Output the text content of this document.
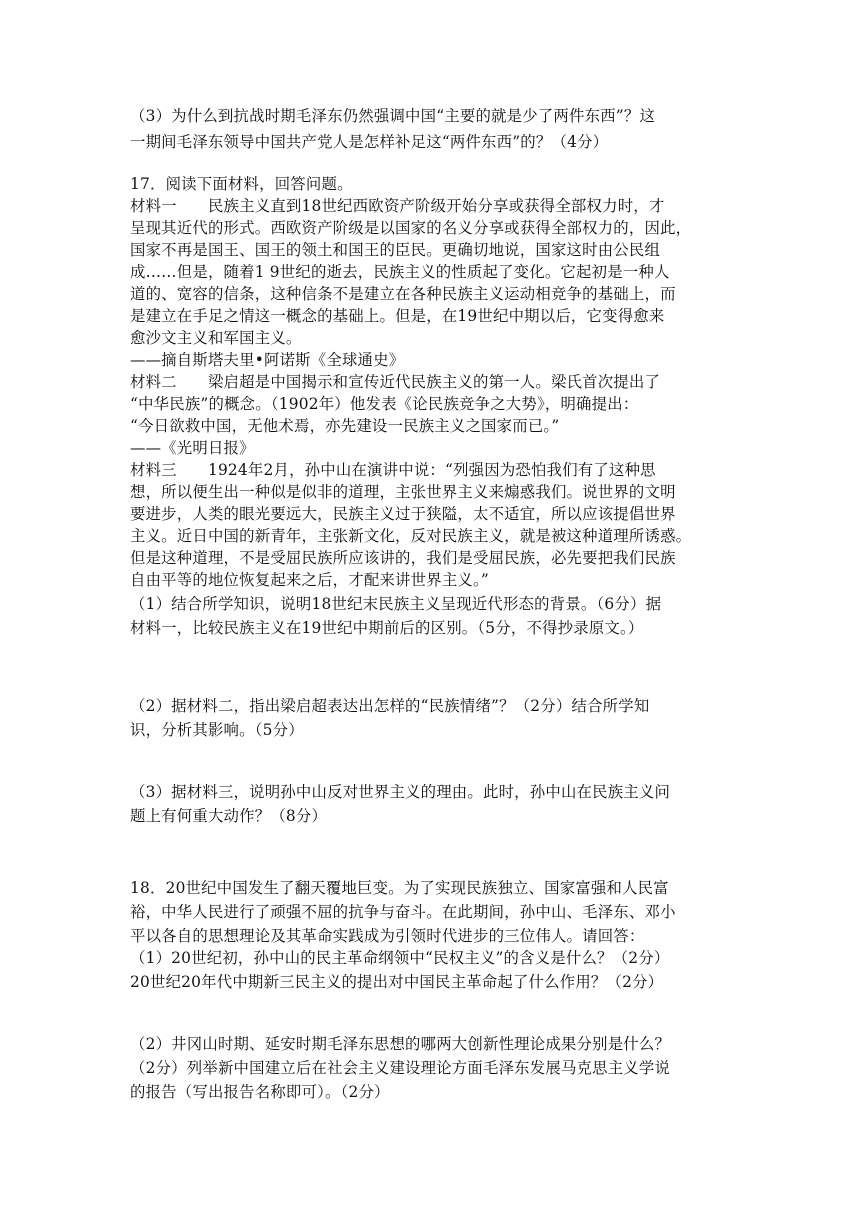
（3）为什么到抗战时期毛泽东仍然强调中国“主要的就是少了两件东西”？这
一期间毛泽东领导中国共产党人是怎样补足这“两件东西”的？（4分）
17．阅读下面材料，回答问题。
材料一　　民族主义直到18世纪西欧资产阶级开始分享或获得全部权力时，才
呈现其近代的形式。西欧资产阶级是以国家的名义分享或获得全部权力的，因此，
国家不再是国王、国王的领土和国王的臣民。更确切地说，国家这时由公民组
成……但是，随着1 9世纪的逝去，民族主义的性质起了变化。它起初是一种人
道的、宽容的信条，这种信条不是建立在各种民族主义运动相竞争的基础上，而
是建立在手足之情这一概念的基础上。但是，在19世纪中期以后，它变得愈来
愈沙文主义和军国主义。
——摘自斯塔夫里•阿诺斯《全球通史》
材料二　　梁启超是中国揭示和宣传近代民族主义的第一人。梁氏首次提出了
“中华民族”的概念。（1902年）他发表《论民族竞争之大势》，明确提出：
“今日欲救中国，无他术焉，亦先建设一民族主义之国家而已。”
——《光明日报》
材料三　　1924年2月，孙中山在演讲中说：“列强因为恐怕我们有了这种思
想，所以便生出一种似是似非的道理，主张世界主义来煽惑我们。说世界的文明
要进步，人类的眼光要远大，民族主义过于狭隘，太不适宜，所以应该提倡世界
主义。近日中国的新青年，主张新文化，反对民族主义，就是被这种道理所诱惑。
但是这种道理，不是受屈民族所应该讲的，我们是受屈民族，必先要把我们民族
自由平等的地位恢复起来之后，才配来讲世界主义。”
（1）结合所学知识，说明18世纪末民族主义呈现近代形态的背景。（6分）据
材料一，比较民族主义在19世纪中期前后的区别。（5分，不得抄录原文。）
（2）据材料二，指出梁启超表达出怎样的“民族情绪”？（2分）结合所学知
识，分析其影响。（5分）
（3）据材料三，说明孙中山反对世界主义的理由。此时，孙中山在民族主义问
题上有何重大动作？（8分）
18．20世纪中国发生了翻天覆地巨变。为了实现民族独立、国家富强和人民富
裕，中华人民进行了顽强不屈的抗争与奋斗。在此期间，孙中山、毛泽东、邓小
平以各自的思想理论及其革命实践成为引领时代进步的三位伟人。请回答：
（1）20世纪初，孙中山的民主革命纲领中“民权主义”的含义是什么？（2分）
20世纪20年代中期新三民主义的提出对中国民主革命起了什么作用？（2分）
（2）井冈山时期、延安时期毛泽东思想的哪两大创新性理论成果分别是什么？
（2分）列举新中国建立后在社会主义建设理论方面毛泽东发展马克思主义学说
的报告（写出报告名称即可）。（2分）
